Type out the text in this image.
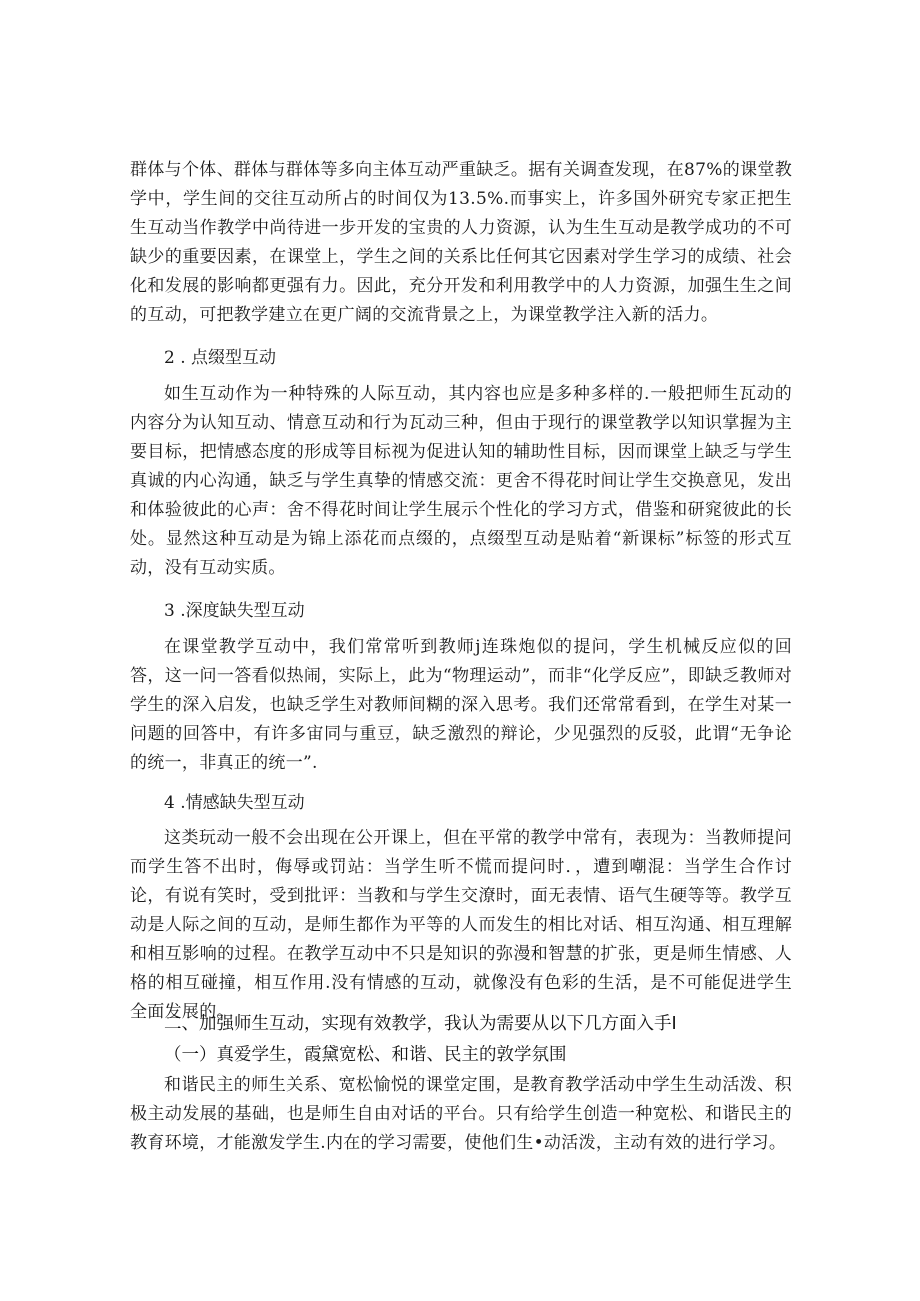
群体与个体、群体与群体等多向主体互动严重缺乏。据有关调查发现，在87%的课堂教学中，学生间的交往互动所占的时间仅为13.5%.而事实上，许多国外研究专家正把生生互动当作教学中尚待进一步开发的宝贵的人力资源，认为生生互动是教学成功的不可缺少的重要因素，在课堂上，学生之间的关系比任何其它因素对学生学习的成绩、社会化和发展的影响都更强有力。因此，充分开发和利用教学中的人力资源，加强生生之间的互动，可把教学建立在更广阔的交流背景之上，为课堂教学注入新的活力。

2 . 点缀型互动

如生互动作为一种特殊的人际互动，其内容也应是多种多样的.一般把师生瓦动的内容分为认知互动、情意互动和行为瓦动三种，但由于现行的课堂教学以知识掌握为主要目标，把情感态度的形成等目标视为促进认知的辅助性目标，因而课堂上缺乏与学生真诚的内心沟通，缺乏与学生真挚的情感交流：更舍不得花时间让学生交换意见，发出和体验彼此的心声：舍不得花时间让学生展示个性化的学习方式，借鉴和研窕彼此的长处。显然这种互动是为锦上添花而点缀的，点缀型互动是贴着“新课标”标签的形式互动，没有互动实质。

3 .深度缺失型互动

在课堂教学互动中，我们常常听到教师j连珠炮似的提问，学生机械反应似的回答，这一问一答看似热闹，实际上，此为“物理运动”，而非“化学反应”，即缺乏教师对学生的深入启发，也缺乏学生对教师间糊的深入思考。我们还常常看到，在学生对某一问题的回答中，有许多宙同与重豆，缺乏激烈的辩论，少见强烈的反驳，此谓“无争论的统一，非真正的统一”.

4 .情感缺失型互动

这类玩动一般不会出现在公开课上，但在平常的教学中常有，表现为：当教师提问而学生答不出时，侮辱或罚站：当学生听不慌而提问时．，遭到嘲混：当学生合作讨论，有说有笑时，受到批评：当教和与学生交潦时，面无表情、语气生硬等等。教学互动是人际之间的互动，是师生都作为平等的人而发生的相比对话、相互沟通、相互理解和相互影响的过程。在教学互动中不只是知识的弥漫和智慧的扩张，更是师生情感、人格的相互碰撞，相互作用.没有情感的互动，就像没有色彩的生活，是不可能促进学生全面发展的。

二、加强师生互动，实现有效教学，我认为需要从以下几方面入手I

（一）真爱学生，霞黛宽松、和谐、民主的敦学氛围

和谐民主的师生关系、宽松愉悦的课堂定围，是教育教学活动中学生生动活泼、积极主动发展的基础，也是师生自由对话的平台。只有给学生创造一种宽松、和谐民主的教育环境，才能激发学生.内在的学习需要，使他们生•动活泼，主动有效的进行学习。
